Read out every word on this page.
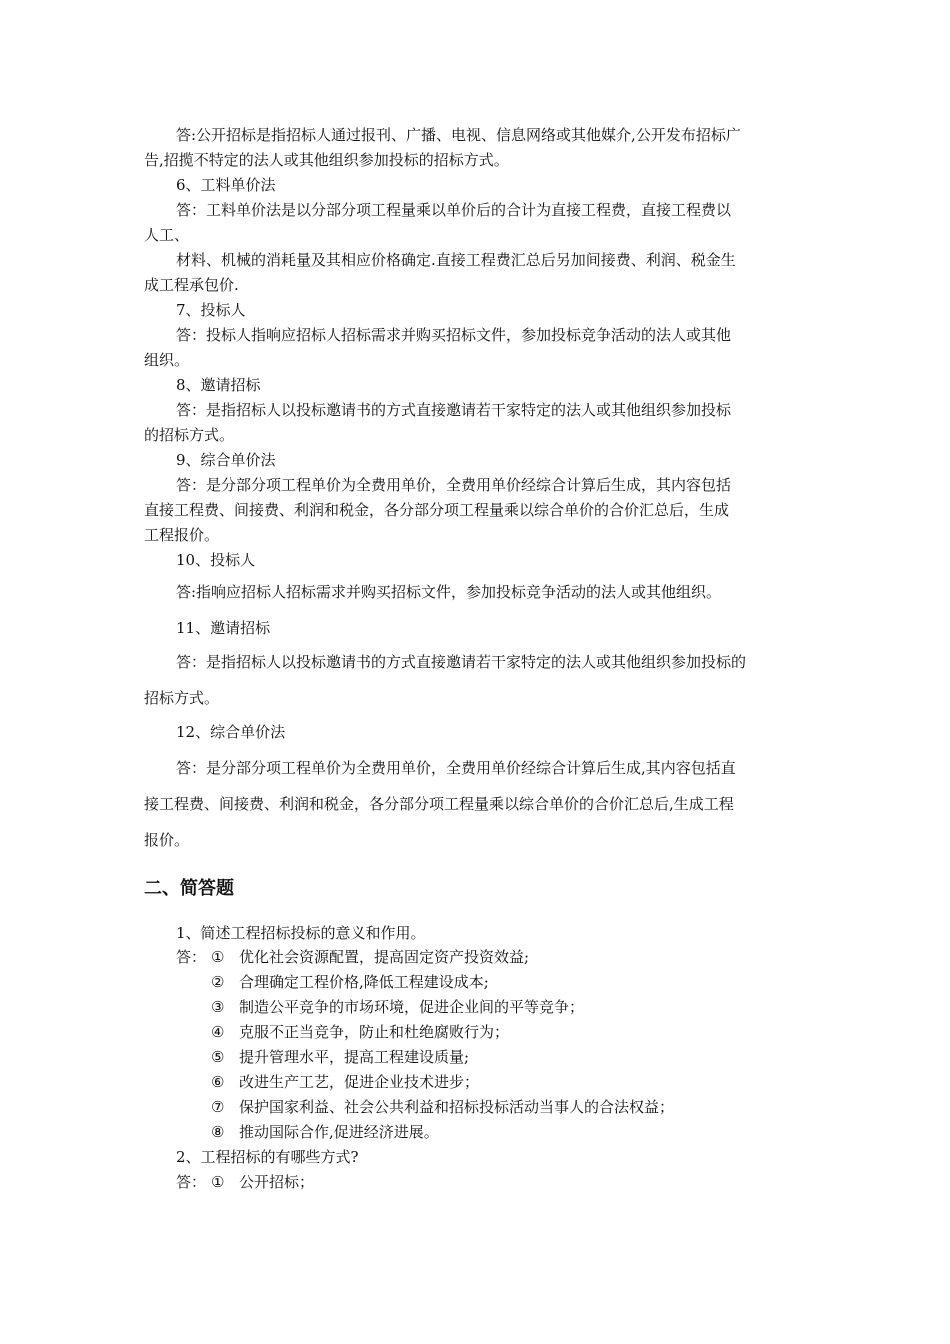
答:公开招标是指招标人通过报刊、广播、电视、信息网络或其他媒介,公开发布招标广

告,招揽不特定的法人或其他组织参加投标的招标方式。

6、工料单价法

答：工料单价法是以分部分项工程量乘以单价后的合计为直接工程费，直接工程费以

人工、

材料、机械的消耗量及其相应价格确定.直接工程费汇总后另加间接费、利润、税金生

成工程承包价.

7、投标人

答：投标人指响应招标人招标需求并购买招标文件，参加投标竞争活动的法人或其他

组织。

8、邀请招标

答：是指招标人以投标邀请书的方式直接邀请若干家特定的法人或其他组织参加投标

的招标方式。

9、综合单价法

答：是分部分项工程单价为全费用单价，全费用单价经综合计算后生成，其内容包括

直接工程费、间接费、利润和税金，各分部分项工程量乘以综合单价的合价汇总后，生成

工程报价。

10、投标人

答:指响应招标人招标需求并购买招标文件，参加投标竞争活动的法人或其他组织。

11、邀请招标

答：是指招标人以投标邀请书的方式直接邀请若干家特定的法人或其他组织参加投标的

招标方式。

12、综合单价法

答：是分部分项工程单价为全费用单价，全费用单价经综合计算后生成,其内容包括直

接工程费、间接费、利润和税金，各分部分项工程量乘以综合单价的合价汇总后,生成工程

报价。

二、简答题

1、简述工程招标投标的意义和作用。

答： ① 优化社会资源配置，提高固定资产投资效益;
② 合理确定工程价格,降低工程建设成本;
③ 制造公平竞争的市场环境，促进企业间的平等竞争；
④ 克服不正当竞争，防止和杜绝腐败行为；
⑤ 提升管理水平，提高工程建设质量;
⑥ 改进生产工艺，促进企业技术进步；
⑦ 保护国家利益、社会公共利益和招标投标活动当事人的合法权益；
⑧ 推动国际合作,促进经济进展。

2、工程招标的有哪些方式?

答： ① 公开招标；
